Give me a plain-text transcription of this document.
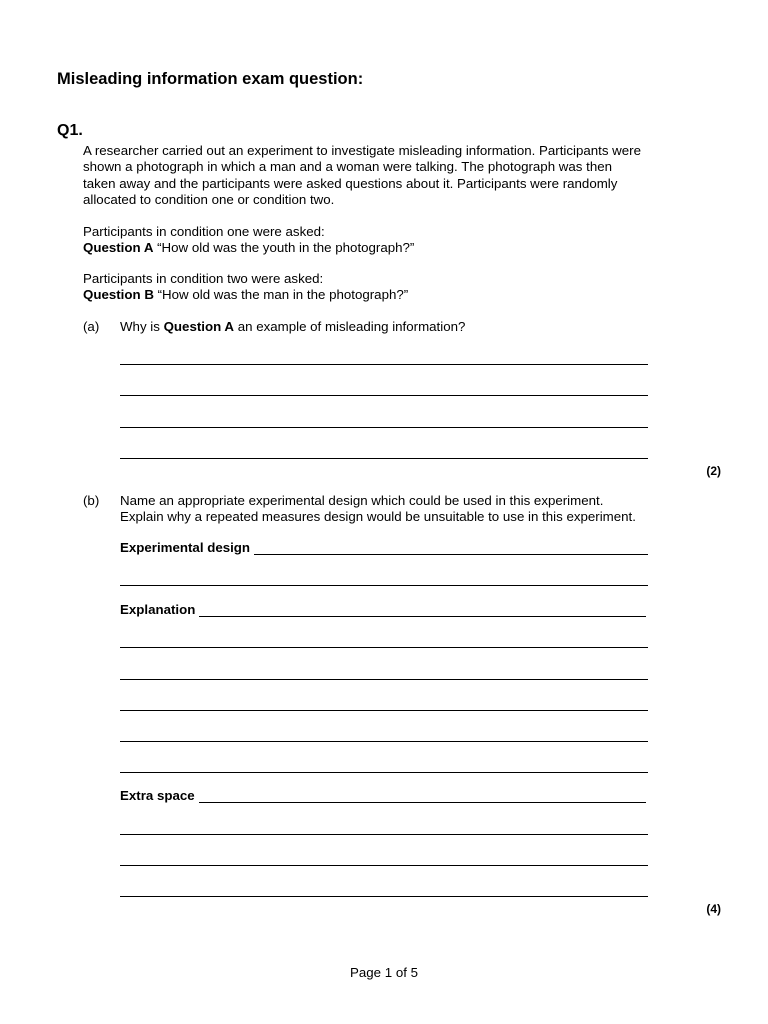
Misleading information exam question:
Q1.
A researcher carried out an experiment to investigate misleading information. Participants were
shown a photograph in which a man and a woman were talking. The photograph was then
taken away and the participants were asked questions about it. Participants were randomly
allocated to condition one or condition two.
Participants in condition one were asked:
Question A “How old was the youth in the photograph?”
Participants in condition two were asked:
Question B “How old was the man in the photograph?”
(a) Why is Question A an example of misleading information?
(2)
(b) Name an appropriate experimental design which could be used in this experiment.
Explain why a repeated measures design would be unsuitable to use in this experiment.
Experimental design
Explanation
Extra space
(4)
Page 1 of 5
